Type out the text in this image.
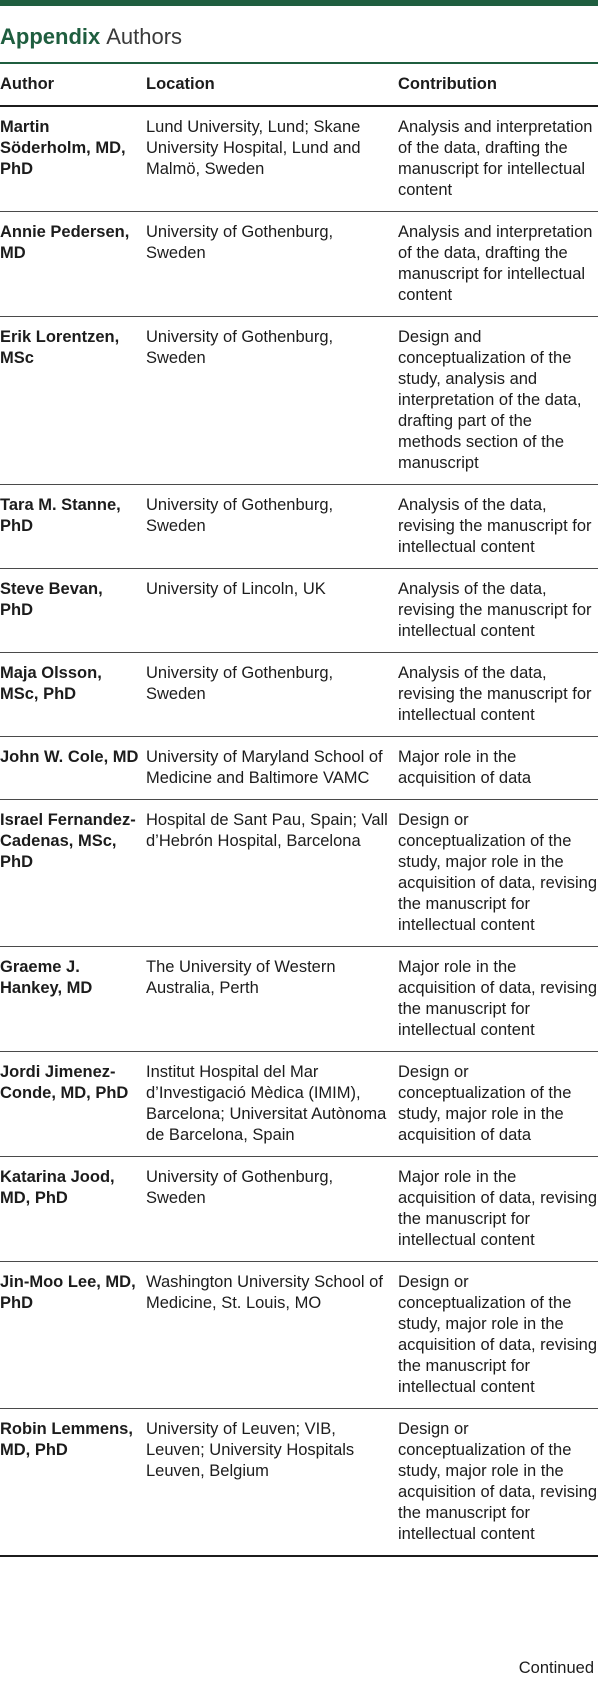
Appendix Authors
Author	Location	Contribution
Martin Söderholm, MD, PhD	Lund University, Lund; Skane University Hospital, Lund and Malmö, Sweden	Analysis and interpretation of the data, drafting the manuscript for intellectual content
Annie Pedersen, MD	University of Gothenburg, Sweden	Analysis and interpretation of the data, drafting the manuscript for intellectual content
Erik Lorentzen, MSc	University of Gothenburg, Sweden	Design and conceptualization of the study, analysis and interpretation of the data, drafting part of the methods section of the manuscript
Tara M. Stanne, PhD	University of Gothenburg, Sweden	Analysis of the data, revising the manuscript for intellectual content
Steve Bevan, PhD	University of Lincoln, UK	Analysis of the data, revising the manuscript for intellectual content
Maja Olsson, MSc, PhD	University of Gothenburg, Sweden	Analysis of the data, revising the manuscript for intellectual content
John W. Cole, MD	University of Maryland School of Medicine and Baltimore VAMC	Major role in the acquisition of data
Israel Fernandez-Cadenas, MSc, PhD	Hospital de Sant Pau, Spain; Vall d’Hebrón Hospital, Barcelona	Design or conceptualization of the study, major role in the acquisition of data, revising the manuscript for intellectual content
Graeme J. Hankey, MD	The University of Western Australia, Perth	Major role in the acquisition of data, revising the manuscript for intellectual content
Jordi Jimenez-Conde, MD, PhD	Institut Hospital del Mar d’Investigació Mèdica (IMIM), Barcelona; Universitat Autònoma de Barcelona, Spain	Design or conceptualization of the study, major role in the acquisition of data
Katarina Jood, MD, PhD	University of Gothenburg, Sweden	Major role in the acquisition of data, revising the manuscript for intellectual content
Jin-Moo Lee, MD, PhD	Washington University School of Medicine, St. Louis, MO	Design or conceptualization of the study, major role in the acquisition of data, revising the manuscript for intellectual content
Robin Lemmens, MD, PhD	University of Leuven; VIB, Leuven; University Hospitals Leuven, Belgium	Design or conceptualization of the study, major role in the acquisition of data, revising the manuscript for intellectual content
Continued
